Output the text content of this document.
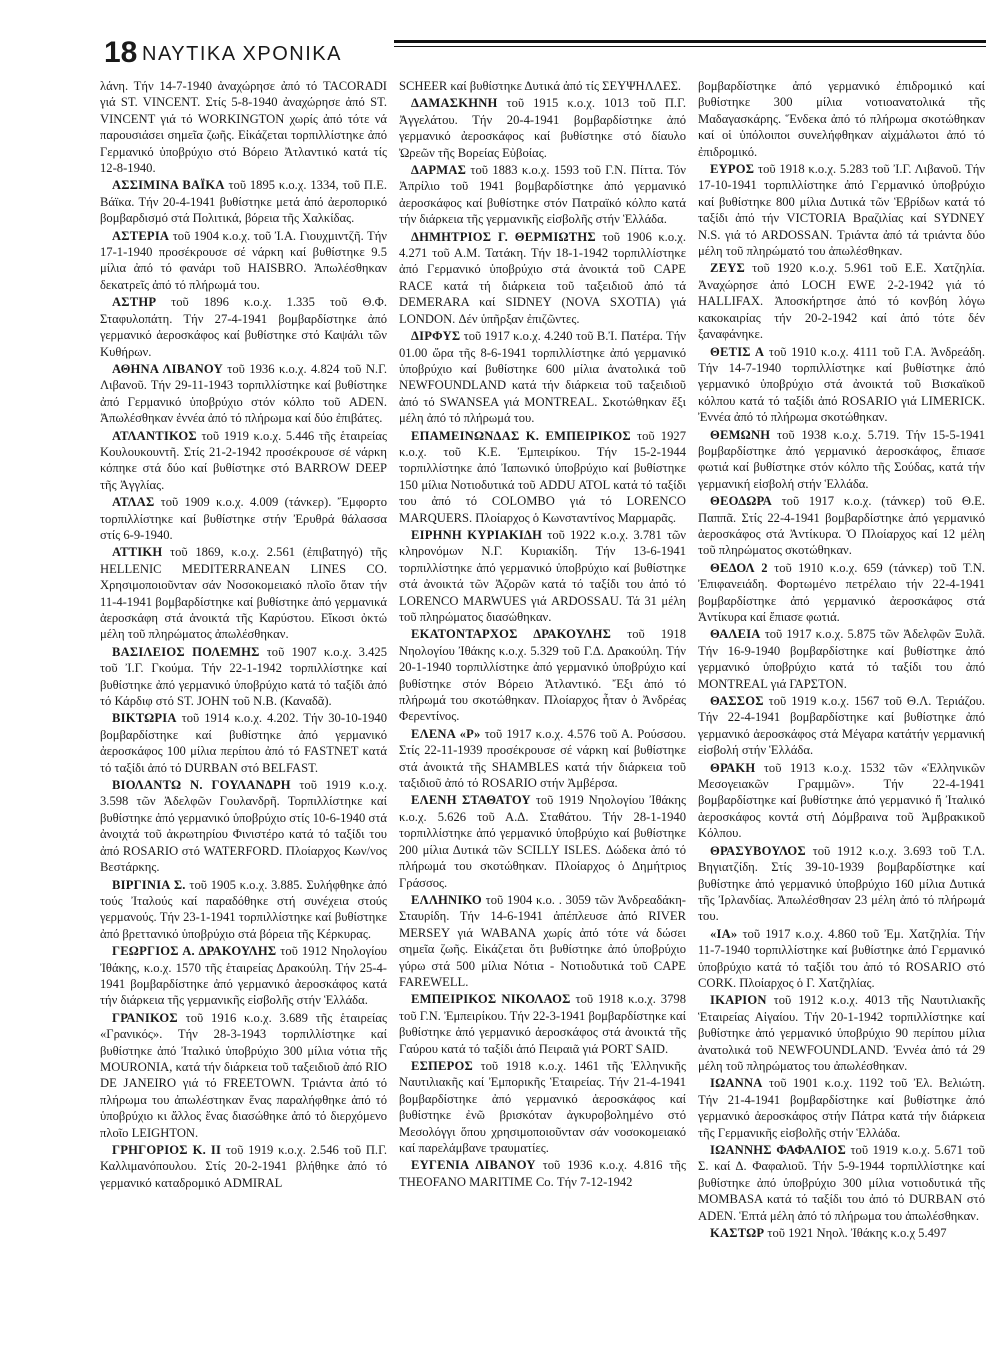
18 ΝΑΥΤΙΚΑ ΧΡΟΝΙΚΑ

λάνη. Τήν 14-7-1940 ἀναχώρησε ἀπό τό TACORADI γιά ST. VINCENT. Στίς 5-8-1940 ἀναχώρησε ἀπό ST. VINCENT γιά τό WORKINGTON χωρίς ἀπό τότε νά παρουσιάσει σημεῖα ζωῆς. Εἰκάζεται τορπιλλίστηκε ἀπό Γερμανικό ὑποβρύχιο στό Βόρειο Ἀτλαντικό κατά τίς 12-8-1940.

ΑΣΣΙΜΙΝΑ ΒΑΪΚΑ τοῦ 1895 κ.ο.χ. 1334, τοῦ Π.Ε. Βάϊκα. Τήν 20-4-1941 βυθίστηκε μετά ἀπό ἀεροπορικό βομβαρδισμό στά Πολιτικά, βόρεια τῆς Χαλκίδας.

ΑΣΤΕΡΙΑ τοῦ 1904 κ.ο.χ. τοῦ Ἰ.Α. Γιουχμιντζῆ. Τήν 17-1-1940 προσέκρουσε σέ νάρκη καί βυθίστηκε 9.5 μίλια ἀπό τό φανάρι τοῦ HAISBRO. Ἀπωλέσθηκαν δεκατρεῖς ἀπό τό πλήρωμά του.

ΑΣΤΗΡ τοῦ 1896 κ.ο.χ. 1.335 τοῦ Θ.Φ. Σταφυλοπάτη. Τήν 27-4-1941 βομβαρδίστηκε ἀπό γερμανικό ἀεροσκάφος καί βυθίστηκε στό Καψάλι τῶν Κυθήρων.

ΑΘΗΝΑ ΛΙΒΑΝΟΥ τοῦ 1936 κ.ο.χ. 4.824 τοῦ Ν.Γ. Λιβανοῦ. Τήν 29-11-1943 τορπιλλίστηκε καί βυθίστηκε ἀπό Γερμανικό ὑποβρύχιο στόν κόλπο τοῦ ADEN. Ἀπωλέσθηκαν ἐννέα ἀπό τό πλήρωμα καί δύο ἐπιβάτες.

ΑΤΛΑΝΤΙΚΟΣ τοῦ 1919 κ.ο.χ. 5.446 τῆς ἑταιρείας Κουλουκουντῆ. Στίς 21-2-1942 προσέκρουσε σέ νάρκη κόπηκε στά δύο καί βυθίστηκε στό BARROW DEEP τῆς Ἀγγλίας.

ΑΤΛΑΣ τοῦ 1909 κ.ο.χ. 4.009 (τάνκερ). Ἔμφορτο τορπιλλίστηκε καί βυθίστηκε στήν Ἐρυθρά θάλασσα στίς 6-9-1940.

ΑΤΤΙΚΗ τοῦ 1869, κ.ο.χ. 2.561 (ἐπιβατηγό) τῆς HELLENIC MEDITERRANEAN LINES CO. Χρησιμοποιοῦνταν σάν Νοσοκομειακό πλοῖο ὅταν τήν 11-4-1941 βομβαρδίστηκε καί βυθίστηκε ἀπό γερμανικά ἀεροσκάφη στά ἀνοικτά τῆς Καρύστου. Εἴκοσι ὀκτώ μέλη τοῦ πληρώματος ἀπωλέσθηκαν.

ΒΑΣΙΛΕΙΟΣ ΠΟΛΕΜΗΣ τοῦ 1907 κ.ο.χ. 3.425 τοῦ Ἰ.Γ. Γκούμα. Τήν 22-1-1942 τορπιλλίστηκε καί βυθίστηκε ἀπό γερμανικό ὑποβρύχιο κατά τό ταξίδι ἀπό τό Κάρδιφ στό ST. JOHN τοῦ Ν.Β. (Καναδᾶ).

ΒΙΚΤΩΡΙΑ τοῦ 1914 κ.ο.χ. 4.202. Τήν 30-10-1940 βομβαρδίστηκε καί βυθίστηκε ἀπό γερμανικό ἀεροσκάφος 100 μίλια περίπου ἀπό τό FASTNET κατά τό ταξίδι ἀπό τό DURBAN στό BELFAST.

ΒΙΟΛΑΝΤΩ Ν. ΓΟΥΛΑΝΔΡΗ τοῦ 1919 κ.ο.χ. 3.598 τῶν Ἀδελφῶν Γουλανδρῆ. Τορπιλλίστηκε καί βυθίστηκε ἀπό γερμανικό ὑποβρύχιο στίς 10-6-1940 στά ἀνοιχτά τοῦ ἀκρωτηρίου Φινιστέρο κατά τό ταξίδι του ἀπό ROSARIO στό WATERFORD. Πλοίαρχος Κων/νος Βεστάρκης.

ΒΙΡΓΙΝΙΑ Σ. τοῦ 1905 κ.ο.χ. 3.885. Συλήφθηκε ἀπό τούς Ἰταλούς καί παραδόθηκε στή συνέχεια στούς γερμανούς. Τήν 23-1-1941 τορπιλλίστηκε καί βυθίστηκε ἀπό βρεττανικό ὑποβρύχιο στά βόρεια τῆς Κέρκυρας.

ΓΕΩΡΓΙΟΣ Α. ΔΡΑΚΟΥΛΗΣ τοῦ 1912 Νηολογίου Ἰθάκης, κ.ο.χ. 1570 τῆς ἑταιρείας Δρακούλη. Τήν 25-4-1941 βομβαρδίστηκε ἀπό γερμανικό ἀεροσκάφος κατά τήν διάρκεια τῆς γερμανικῆς εἰσβολῆς στήν Ἑλλάδα.

ΓΡΑΝΙΚΟΣ τοῦ 1916 κ.ο.χ. 3.689 τῆς ἑταιρείας «Γρανικός». Τήν 28-3-1943 τορπιλλίστηκε καί βυθίστηκε ἀπό Ἰταλικό ὑποβρύχιο 300 μίλια νότια τῆς MOURONIA, κατά τήν διάρκεια τοῦ ταξειδιοῦ ἀπό RIO DE JANEIRO γιά τό FREETOWN. Τριάντα ἀπό τό πλήρωμα του ἀπωλέστηκαν ἕνας παραλήφθηκε ἀπό τό ὑποβρύχιο κι ἄλλος ἕνας διασώθηκε ἀπό τό διερχόμενο πλοῖο LEIGHTON.

ΓΡΗΓΟΡΙΟΣ Κ. ΙΙ τοῦ 1919 κ.ο.χ. 2.546 τοῦ Π.Γ. Καλλιμανόπουλου. Στίς 20-2-1941 βλήθηκε ἀπό τό γερμανικό καταδρομικό ADMIRAL

SCHEER καί βυθίστηκε Δυτικά ἀπό τίς ΣΕΥΨΗΛΛΕΣ.

ΔΑΜΑΣΚΗΝΗ τοῦ 1915 κ.ο.χ. 1013 τοῦ Π.Γ. Ἀγγελάτου. Τήν 20-4-1941 βομβαρδίστηκε ἀπό γερμανικό ἀεροσκάφος καί βυθίστηκε στό δίαυλο Ὠρεῶν τῆς Βορείας Εὐβοίας.

ΔΑΡΜΑΣ τοῦ 1883 κ.ο.χ. 1593 τοῦ Γ.Ν. Πίττα. Τόν Ἀπρίλιο τοῦ 1941 βομβαρδίστηκε ἀπό γερμανικό ἀεροσκάφος καί βυθίστηκε στόν Πατραϊκό κόλπο κατά τήν διάρκεια τῆς γερμανικῆς εἰσβολῆς στήν Ἑλλάδα.

ΔΗΜΗΤΡΙΟΣ Γ. ΘΕΡΜΙΩΤΗΣ τοῦ 1906 κ.ο.χ. 4.271 τοῦ Α.Μ. Τατάκη. Τήν 18-1-1942 τορπιλλίστηκε ἀπό Γερμανικό ὑποβρύχιο στά ἀνοικτά τοῦ CAPE RACE κατά τή διάρκεια τοῦ ταξειδιοῦ ἀπό τά DEMERARA καί SIDNEY (NOVA SXOTIA) γιά LONDON. Δέν ὑπῆρξαν ἐπιζῶντες.

ΔΙΡΦΥΣ τοῦ 1917 κ.ο.χ. 4.240 τοῦ Β.Ἰ. Πατέρα. Τήν 01.00 ὥρα τῆς 8-6-1941 τορπιλλίστηκε ἀπό γερμανικό ὑποβρύχιο καί βυθίστηκε 600 μίλια ἀνατολικά τοῦ NEWFOUNDLAND κατά τήν διάρκεια τοῦ ταξειδιοῦ ἀπό τό SWANSEA γιά MONTREAL. Σκοτώθηκαν ἔξι μέλη ἀπό τό πλήρωμά του.

ΕΠΑΜΕΙΝΩΝΔΑΣ Κ. ΕΜΠΕΙΡΙΚΟΣ τοῦ 1927 κ.ο.χ. τοῦ Κ.Ε. Ἐμπειρίκου. Τήν 15-2-1944 τορπιλλίστηκε ἀπό Ἰαπωνικό ὑποβρύχιο καί βυθίστηκε 150 μίλια Νοτιοδυτικά τοῦ ADDU ATOL κατά τό ταξίδι του ἀπό τό COLOMBO γιά τό LORENCO MARQUERS. Πλοίαρχος ὁ Κωνσταντίνος Μαρμαρᾶς.

ΕΙΡΗΝΗ ΚΥΡΙΑΚΙΔΗ τοῦ 1922 κ.ο.χ. 3.781 τῶν κληρονόμων Ν.Γ. Κυριακίδη. Τήν 13-6-1941 τορπιλλίστηκε ἀπό γερμανικό ὑποβρύχιο καί βυθίστηκε στά ἀνοικτά τῶν Ἀζορῶν κατά τό ταξίδι του ἀπό τό LORENCO MARWUES γιά ARDOSSAU. Τά 31 μέλη τοῦ πληρώματος διασώθηκαν.

ΕΚΑΤΟΝΤΑΡΧΟΣ ΔΡΑΚΟΥΛΗΣ τοῦ 1918 Νηολογίου Ἰθάκης κ.ο.χ. 5.329 τοῦ Γ.Δ. Δρακούλη. Τήν 20-1-1940 τορπιλλίστηκε ἀπό γερμανικό ὑποβρύχιο καί βυθίστηκε στόν Βόρειο Ἀτλαντικό. Ἔξι ἀπό τό πλήρωμά του σκοτώθηκαν. Πλοίαρχος ἦταν ὁ Ἀνδρέας Φερεντίνος.

ΕΛΕΝΑ «Ρ» τοῦ 1917 κ.ο.χ. 4.576 τοῦ Α. Ρούσσου. Στίς 22-11-1939 προσέκρουσε σέ νάρκη καί βυθίστηκε στά ἀνοικτά τῆς SHAMBLES κατά τήν διάρκεια τοῦ ταξιδιοῦ ἀπό τό ROSARIO στήν Ἀμβέρσα.

ΕΛΕΝΗ ΣΤΑΘΑΤΟΥ τοῦ 1919 Νηολογίου Ἰθάκης κ.ο.χ. 5.626 τοῦ Α.Δ. Σταθάτου. Τήν 28-1-1940 τορπιλλίστηκε ἀπό γερμανικό ὑποβρύχιο καί βυθίστηκε 200 μίλια Δυτικά τῶν SCILLY ISLES. Δώδεκα ἀπό τό πλήρωμά του σκοτώθηκαν. Πλοίαρχος ὁ Δημήτριος Γράσσος.

ΕΛΛΗΝΙΚΟ τοῦ 1904 κ.ο. . 3059 τῶν Ἀνδρεαδάκη-Σταυρίδη. Τήν 14-6-1941 ἀπέπλευσε ἀπό RIVER MERSEY γιά WABANA χωρίς ἀπό τότε νά δώσει σημεῖα ζωῆς. Εἰκάζεται ὅτι βυθίστηκε ἀπό ὑποβρύχιο γύρω στά 500 μίλια Νότια - Νοτιοδυτικά τοῦ CAPE FAREWELL.

ΕΜΠΕΙΡΙΚΟΣ ΝΙΚΟΛΑΟΣ τοῦ 1918 κ.ο.χ. 3798 τοῦ Γ.Ν. Ἐμπειρίκου. Τήν 22-3-1941 βομβαρδίστηκε καί βυθίστηκε ἀπό γερμανικό ἀεροσκάφος στά ἀνοικτά τῆς Γαύρου κατά τό ταξίδι ἀπό Πειραιᾶ γιά PORT SAID.

ΕΣΠΕΡΟΣ τοῦ 1918 κ.ο.χ. 1461 τῆς Ἑλληνικῆς Ναυτιλιακῆς καί Ἐμπορικῆς Ἑταιρείας. Τήν 21-4-1941 βομβαρδίστηκε ἀπό γερμανικό ἀεροσκάφος καί βυθίστηκε ἐνῶ βρισκόταν ἀγκυροβολημένο στό Μεσολόγγι ὅπου χρησιμοποιοῦνταν σάν νοσοκομειακό καί παρελάμβανε τραυματίες.

ΕΥΓΕΝΙΑ ΛΙΒΑΝΟΥ τοῦ 1936 κ.ο.χ. 4.816 τῆς THEOFANO MARITIME Co. Τήν 7-12-1942

βομβαρδίστηκε ἀπό γερμανικό ἐπιδρομικό καί βυθίστηκε 300 μίλια νοτιοανατολικά τῆς Μαδαγασκάρης. Ἕνδεκα ἀπό τό πλήρωμα σκοτώθηκαν καί οἱ ὑπόλοιποι συνελήφθηκαν αἰχμάλωτοι ἀπό τό ἐπιδρομικό.

ΕΥΡΟΣ τοῦ 1918 κ.ο.χ. 5.283 τοῦ Ἰ.Γ. Λιβανοῦ. Τήν 17-10-1941 τορπιλλίστηκε ἀπό Γερμανικό ὑποβρύχιο καί βυθίστηκε 800 μίλια Δυτικά τῶν Ἑβρίδων κατά τό ταξίδι ἀπό τήν VICTORIA Βραζιλίας καί SYDNEY N.S. γιά τό ARDOSSAN. Τριάντα ἀπό τά τριάντα δύο μέλη τοῦ πληρώματό του ἀπωλέσθηκαν.

ΖΕΥΣ τοῦ 1920 κ.ο.χ. 5.961 τοῦ Ε.Ε. Χατζηλία. Ἀναχώρησε ἀπό LOCH EWE 2-2-1942 γιά τό HALLIFAX. Ἀποσκήρτησε ἀπό τό κονβόη λόγω κακοκαιρίας τήν 20-2-1942 καί ἀπό τότε δέν ξαναφάνηκε.

ΘΕΤΙΣ Α τοῦ 1910 κ.ο.χ. 4111 τοῦ Γ.Α. Ἀνδρεάδη. Τήν 14-7-1940 τορπιλλίστηκε καί βυθίστηκε ἀπό γερμανικό ὑποβρύχιο στά ἀνοικτά τοῦ Βισκαϊκοῦ κόλπου κατά τό ταξίδι ἀπό ROSARIO γιά LIMERICK. Ἐννέα ἀπό τό πλήρωμα σκοτώθηκαν.

ΘΕΜΩΝΗ τοῦ 1938 κ.ο.χ. 5.719. Τήν 15-5-1941 βομβαρδίστηκε ἀπό γερμανικό ἀεροσκάφος, ἔπιασε φωτιά καί βυθίστηκε στόν κόλπο τῆς Σούδας, κατά τήν γερμανική εἰσβολή στήν Ἑλλάδα.

ΘΕΟΔΩΡΑ τοῦ 1917 κ.ο.χ. (τάνκερ) τοῦ Θ.Ε. Παππᾶ. Στίς 22-4-1941 βομβαρδίστηκε ἀπό γερμανικό ἀεροσκάφος στά Ἀντίκυρα. Ὁ Πλοίαρχος καί 12 μέλη τοῦ πληρώματος σκοτώθηκαν.

ΘΕΔΟΛ 2 τοῦ 1910 κ.ο.χ. 659 (τάνκερ) τοῦ Τ.Ν. Ἐπιφανειάδη. Φορτωμένο πετρέλαιο τήν 22-4-1941 βομβαρδίστηκε ἀπό γερμανικό ἀεροσκάφος στά Ἀντίκυρα καί ἔπιασε φωτιά.

ΘΑΛΕΙΑ τοῦ 1917 κ.ο.χ. 5.875 τῶν Ἀδελφῶν Ξυλᾶ. Τήν 16-9-1940 βομβαρδίστηκε καί βυθίστηκε ἀπό γερμανικό ὑποβρύχιο κατά τό ταξίδι του ἀπό MONTREAL γιά ΓΑΡΣΤΟΝ.

ΘΑΣΣΟΣ τοῦ 1919 κ.ο.χ. 1567 τοῦ Θ.Λ. Τεριάζου. Τήν 22-4-1941 βομβαρδίστηκε καί βυθίστηκε ἀπό γερμανικό ἀεροσκάφος στά Μέγαρα κατάτήν γερμανική εἰσβολή στήν Ἑλλάδα.

ΘΡΑΚΗ τοῦ 1913 κ.ο.χ. 1532 τῶν «Ἑλληνικῶν Μεσογειακῶν Γραμμῶν». Τήν 22-4-1941 βομβαρδίστηκε καί βυθίστηκε ἀπό γερμανικό ἤ Ἰταλικό ἀεροσκάφος κοντά στή Δόμβραινα τοῦ Ἀμβρακικοῦ Κόλπου.

ΘΡΑΣΥΒΟΥΛΟΣ τοῦ 1912 κ.ο.χ. 3.693 τοῦ Τ.Λ. Βηγιατζίδη. Στίς 39-10-1939 βομβαρδίστηκε καί βυθίστηκε ἀπό γερμανικό ὑποβρύχιο 160 μίλια Δυτικά τῆς Ἰρλανδίας. Ἀπωλέσθησαν 23 μέλη ἀπό τό πλήρωμά του.

«ΙΑ» τοῦ 1917 κ.ο.χ. 4.860 τοῦ Ἐμ. Χατζηλία. Τήν 11-7-1940 τορπιλλίστηκε καί βυθίστηκε ἀπό Γερμανικό ὑποβρύχιο κατά τό ταξίδι του ἀπό τό ROSARIO στό CORK. Πλοίαρχος ὁ Γ. Χατζηλίας.

ΙΚΑΡΙΟΝ τοῦ 1912 κ.ο.χ. 4013 τῆς Ναυτιλιακῆς Ἑταιρείας Αἰγαίου. Τήν 20-1-1942 τορπιλλίστηκε καί βυθίστηκε ἀπό γερμανικό ὑποβρύχιο 90 περίπου μίλια ἀνατολικά τοῦ NEWFOUNDLAND. Ἐννέα ἀπό τά 29 μέλη τοῦ πληρώματος του ἀπωλέσθηκαν.

ΙΩΑΝΝΑ τοῦ 1901 κ.ο.χ. 1192 τοῦ Ἐλ. Βελιώτη. Τήν 21-4-1941 βομβαρδίστηκε καί βυθίστηκε ἀπό γερμανικό ἀεροσκάφος στήν Πάτρα κατά τήν διάρκεια τῆς Γερμανικῆς εἰσβολῆς στήν Ἑλλάδα.

ΙΩΑΝΝΗΣ ΦΑΦΑΛΙΟΣ τοῦ 1919 κ.ο.χ. 5.671 τοῦ Σ. καί Δ. Φαφαλιοῦ. Τήν 5-9-1944 τορπιλλίστηκε καί βυθίστηκε ἀπό ὑποβρύχιο 300 μίλια νοτιοδυτικά τῆς MOMBASA κατά τό ταξίδι του ἀπό τό DURBAN στό ADEN. Ἑπτά μέλη ἀπό τό πλήρωμα του ἀπωλέσθηκαν.

ΚΑΣΤΩΡ τοῦ 1921 Νηολ. Ἰθάκης κ.ο.χ 5.497
